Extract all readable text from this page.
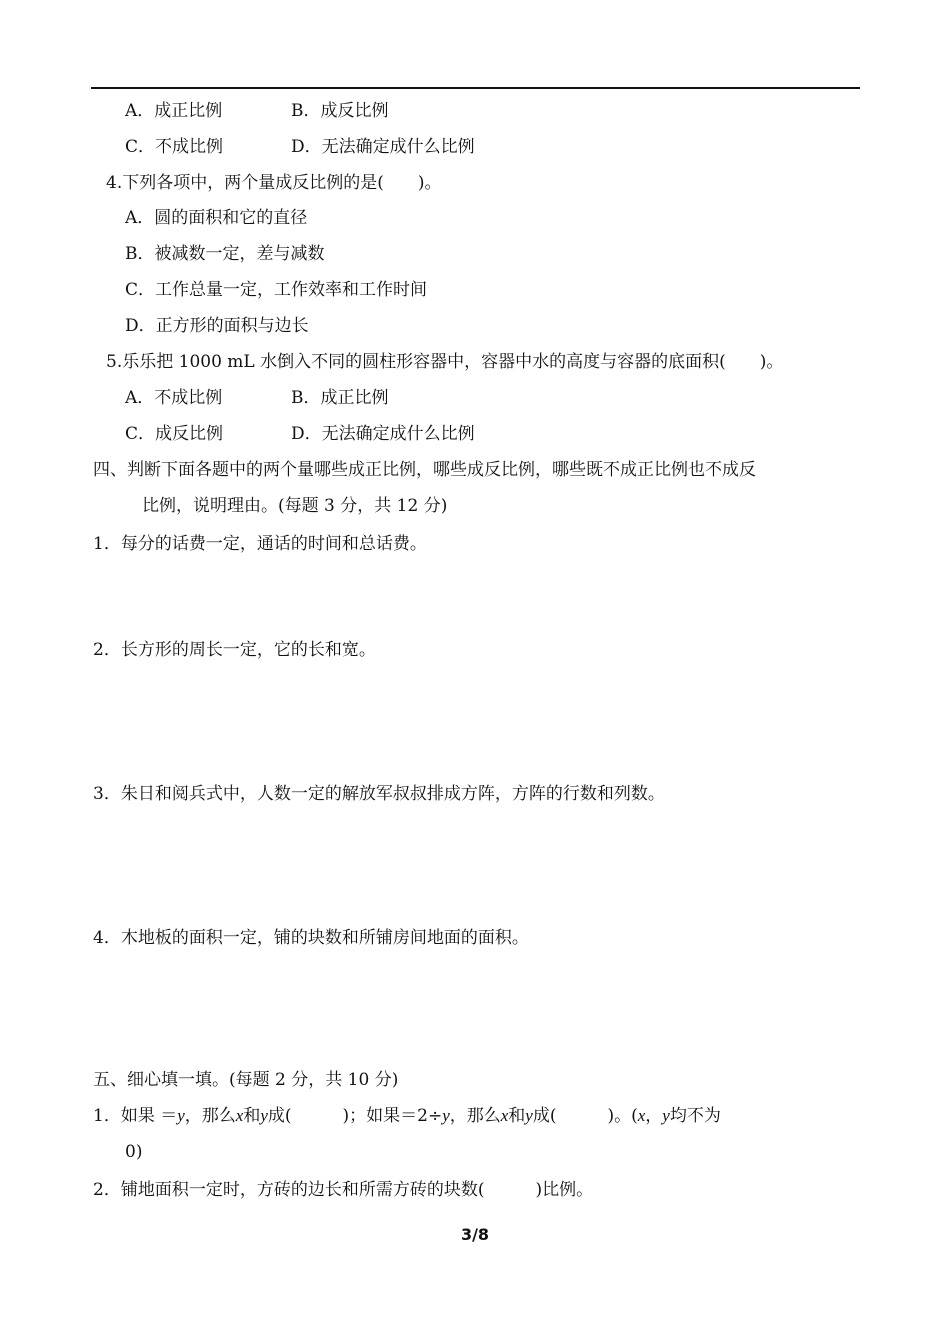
A．成正比例	B．成反比例
C．不成比例	D．无法确定成什么比例
4.下列各项中，两个量成反比例的是(　　)。
A．圆的面积和它的直径
B．被减数一定，差与减数
C．工作总量一定，工作效率和工作时间
D．正方形的面积与边长
5.乐乐把 1000 mL 水倒入不同的圆柱形容器中，容器中水的高度与容器的底面积(　　)。
A．不成比例	B．成正比例
C．成反比例	D．无法确定成什么比例
四、判断下面各题中的两个量哪些成正比例，哪些成反比例，哪些既不成正比例也不成反
比例，说明理由。(每题 3 分，共 12 分)
1．每分的话费一定，通话的时间和总话费。
2．长方形的周长一定，它的长和宽。
3．朱日和阅兵式中，人数一定的解放军叔叔排成方阵，方阵的行数和列数。
4．木地板的面积一定，铺的块数和所铺房间地面的面积。
五、细心填一填。(每题 2 分，共 10 分)
1．如果 ＝y，那么x和y成(　　　)；如果＝2÷y，那么x和y成(　　　)。(x，y均不为
0)
2．铺地面积一定时，方砖的边长和所需方砖的块数(　　　)比例。
3/8
